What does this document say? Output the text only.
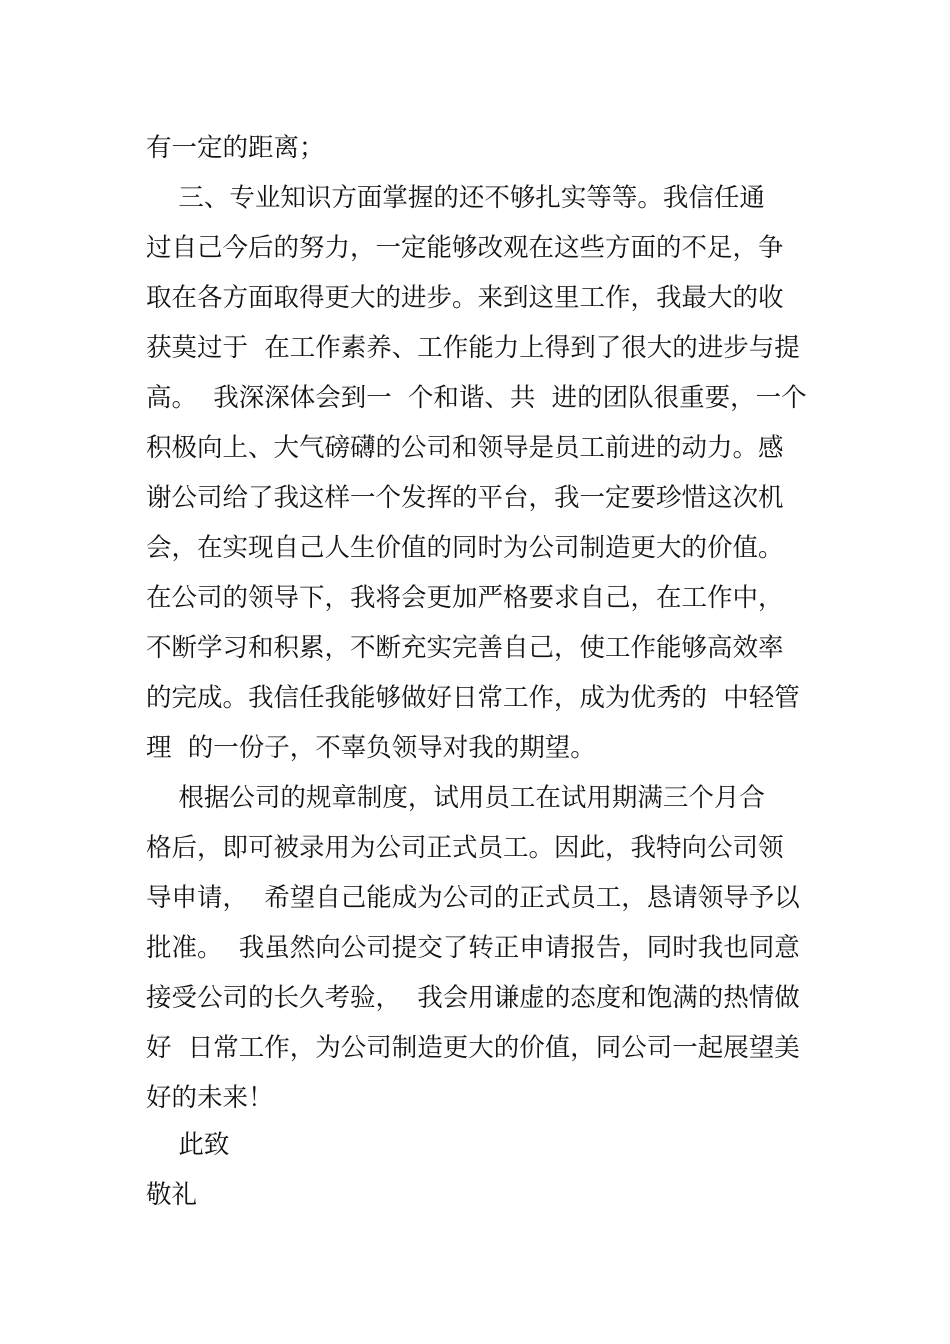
有一定的距离；
三、专业知识方面掌握的还不够扎实等等。我信任通
过自己今后的努力，一定能够改观在这些方面的不足，争
取在各方面取得更大的进步。来到这里工作，我最大的收
获莫过于  在工作素养、工作能力上得到了很大的进步与提
高。  我深深体会到一  个和谐、共  进的团队很重要，一个
积极向上、大气磅礴的公司和领导是员工前进的动力。感
谢公司给了我这样一个发挥的平台，我一定要珍惜这次机
会，在实现自己人生价值的同时为公司制造更大的价值。
在公司的领导下，我将会更加严格要求自己，在工作中，
不断学习和积累，不断充实完善自己，使工作能够高效率
的完成。我信任我能够做好日常工作，成为优秀的  中轻管
理  的一份子，不辜负领导对我的期望。
根据公司的规章制度，试用员工在试用期满三个月合
格后，即可被录用为公司正式员工。因此，我特向公司领
导申请，  希望自己能成为公司的正式员工，恳请领导予以
批准。  我虽然向公司提交了转正申请报告，同时我也同意
接受公司的长久考验，  我会用谦虚的态度和饱满的热情做
好  日常工作，为公司制造更大的价值，同公司一起展望美
好的未来！
此致
敬礼
